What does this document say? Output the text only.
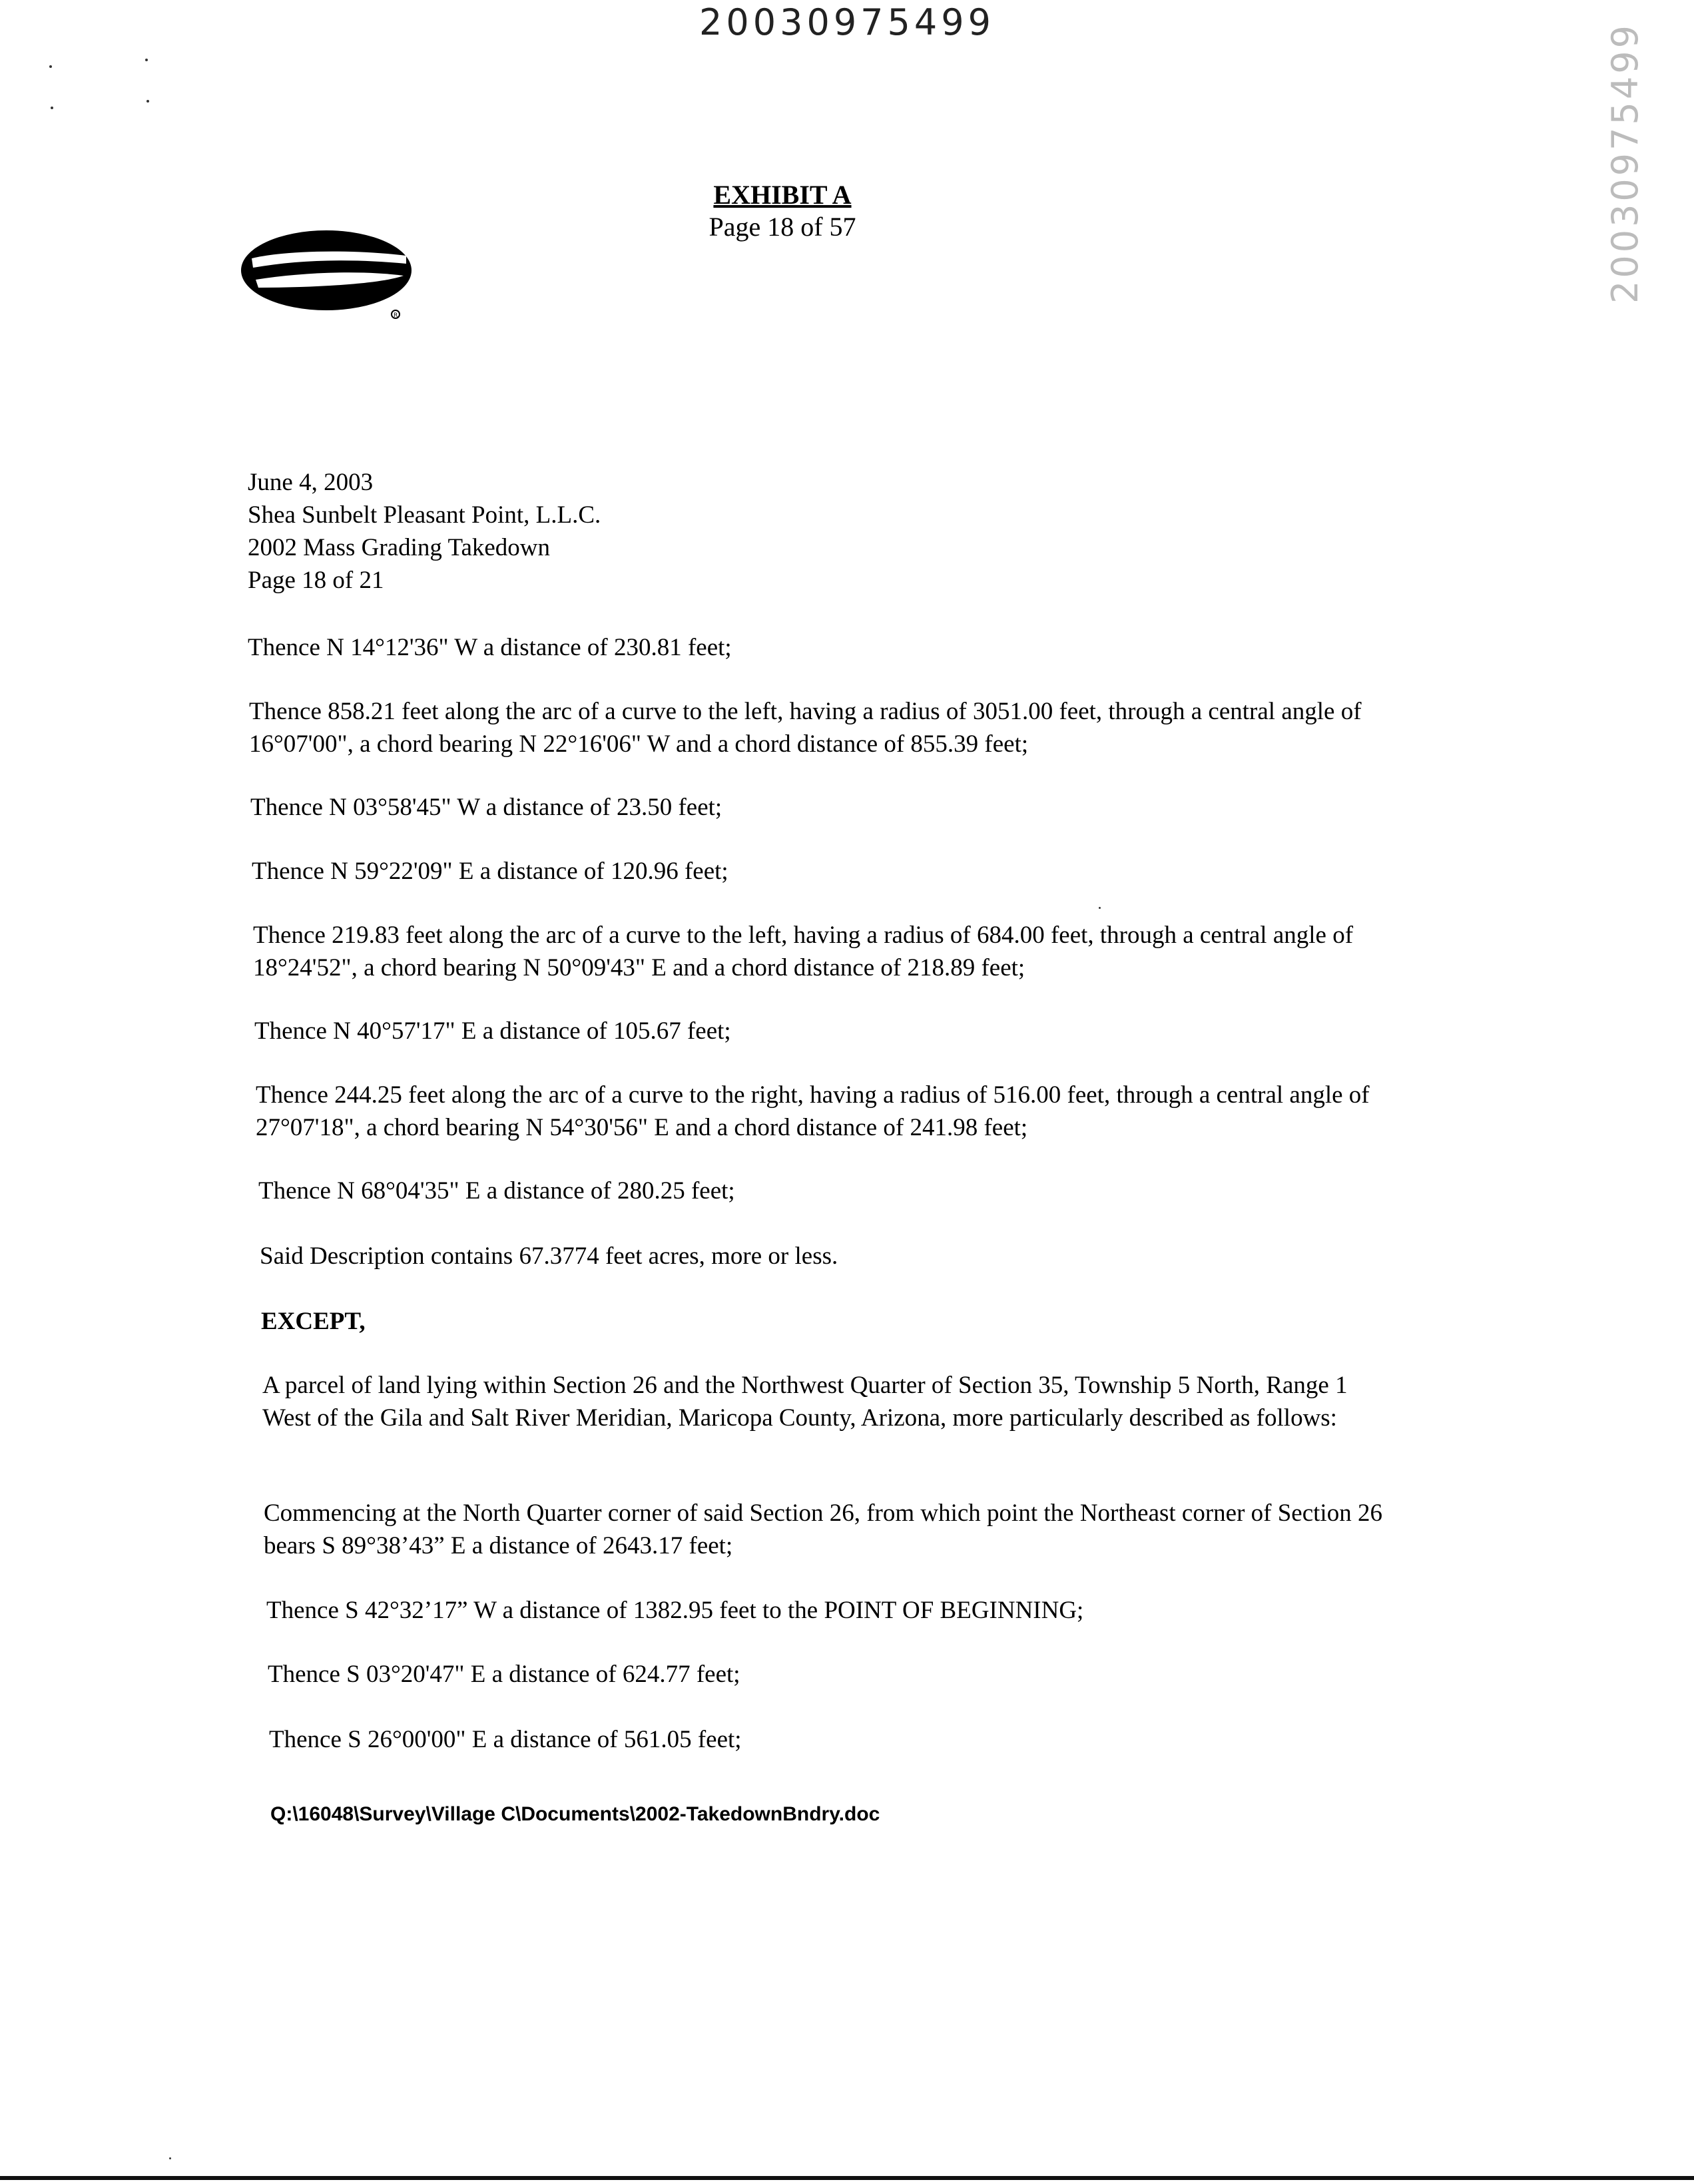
20030975499
20030975499
R
EXHIBIT A
Page 18 of 57
June 4, 2003
Shea Sunbelt Pleasant Point, L.L.C.
2002 Mass Grading Takedown
Page 18 of 21
Thence N 14°12'36" W a distance of 230.81 feet;
Thence 858.21 feet along the arc of a curve to the left, having a radius of 3051.00 feet, through a central angle of 16°07'00", a chord bearing N 22°16'06" W and a chord distance of 855.39 feet;
Thence N 03°58'45" W a distance of 23.50 feet;
Thence N 59°22'09" E a distance of 120.96 feet;
Thence 219.83 feet along the arc of a curve to the left, having a radius of 684.00 feet, through a central angle of 18°24'52", a chord bearing N 50°09'43" E and a chord distance of 218.89 feet;
Thence N 40°57'17" E a distance of 105.67 feet;
Thence 244.25 feet along the arc of a curve to the right, having a radius of 516.00 feet, through a central angle of 27°07'18", a chord bearing N 54°30'56" E and a chord distance of 241.98 feet;
Thence N 68°04'35" E a distance of 280.25 feet;
Said Description contains 67.3774 feet acres, more or less.
EXCEPT,
A parcel of land lying within Section 26 and the Northwest Quarter of Section 35, Township 5 North, Range 1 West of the Gila and Salt River Meridian, Maricopa County, Arizona, more particularly described as follows:
Commencing at the North Quarter corner of said Section 26, from which point the Northeast corner of Section 26 bears S 89°38’43” E a distance of 2643.17 feet;
Thence S 42°32’17” W a distance of 1382.95 feet to the POINT OF BEGINNING;
Thence S 03°20'47" E a distance of 624.77 feet;
Thence S 26°00'00" E a distance of 561.05 feet;
Q:\16048\Survey\Village C\Documents\2002-TakedownBndry.doc
